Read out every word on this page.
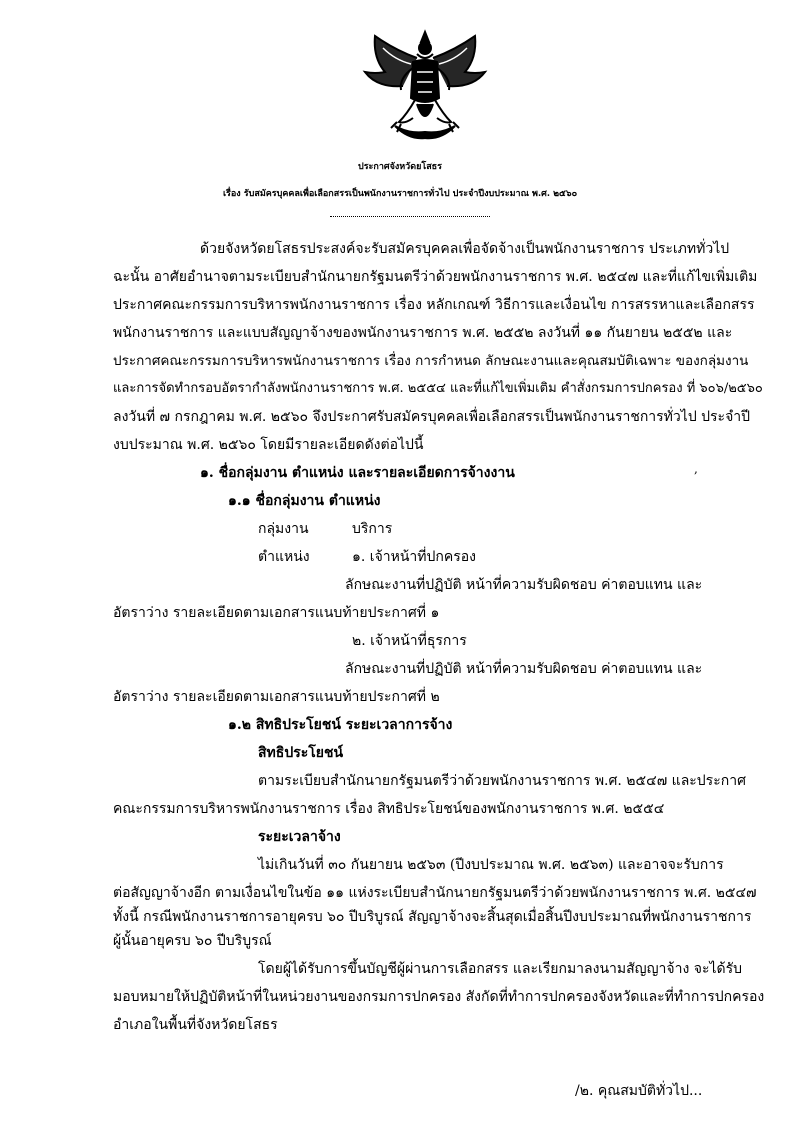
ประกาศจังหวัดยโสธร
เรื่อง รับสมัครบุคคลเพื่อเลือกสรรเป็นพนักงานราชการทั่วไป ประจำปีงบประมาณ พ.ศ. ๒๕๖๐
ด้วยจังหวัดยโสธรประสงค์จะรับสมัครบุคคลเพื่อจัดจ้างเป็นพนักงานราชการ ประเภททั่วไป
ฉะนั้น อาศัยอำนาจตามระเบียบสำนักนายกรัฐมนตรีว่าด้วยพนักงานราชการ พ.ศ. ๒๕๔๗ และที่แก้ไขเพิ่มเติม
ประกาศคณะกรรมการบริหารพนักงานราชการ เรื่อง หลักเกณฑ์ วิธีการและเงื่อนไข การสรรหาและเลือกสรร
พนักงานราชการ และแบบสัญญาจ้างของพนักงานราชการ พ.ศ. ๒๕๕๒ ลงวันที่ ๑๑ กันยายน ๒๕๕๒ และ
ประกาศคณะกรรมการบริหารพนักงานราชการ เรื่อง การกำหนด ลักษณะงานและคุณสมบัติเฉพาะ ของกลุ่มงาน
และการจัดทำกรอบอัตรากำลังพนักงานราชการ พ.ศ. ๒๕๕๔ และที่แก้ไขเพิ่มเติม คำสั่งกรมการปกครอง ที่ ๖๐๖/๒๕๖๐
ลงวันที่ ๗ กรกฎาคม พ.ศ. ๒๕๖๐ จึงประกาศรับสมัครบุคคลเพื่อเลือกสรรเป็นพนักงานราชการทั่วไป ประจำปี
งบประมาณ พ.ศ. ๒๕๖๐ โดยมีรายละเอียดดังต่อไปนี้
,
๑. ชื่อกลุ่มงาน ตำแหน่ง และรายละเอียดการจ้างงาน
๑.๑ ชื่อกลุ่มงาน ตำแหน่ง
กลุ่มงาน	บริการ
ตำแหน่ง	๑. เจ้าหน้าที่ปกครอง
ลักษณะงานที่ปฏิบัติ หน้าที่ความรับผิดชอบ ค่าตอบแทน และ
อัตราว่าง รายละเอียดตามเอกสารแนบท้ายประกาศที่ ๑
๒. เจ้าหน้าที่ธุรการ
ลักษณะงานที่ปฏิบัติ หน้าที่ความรับผิดชอบ ค่าตอบแทน และ
อัตราว่าง รายละเอียดตามเอกสารแนบท้ายประกาศที่ ๒
๑.๒ สิทธิประโยชน์ ระยะเวลาการจ้าง
สิทธิประโยชน์
ตามระเบียบสำนักนายกรัฐมนตรีว่าด้วยพนักงานราชการ พ.ศ. ๒๕๔๗ และประกาศ
คณะกรรมการบริหารพนักงานราชการ เรื่อง สิทธิประโยชน์ของพนักงานราชการ พ.ศ. ๒๕๕๔
ระยะเวลาจ้าง
ไม่เกินวันที่ ๓๐ กันยายน ๒๕๖๓ (ปีงบประมาณ พ.ศ. ๒๕๖๓) และอาจจะรับการ
ต่อสัญญาจ้างอีก ตามเงื่อนไขในข้อ ๑๑ แห่งระเบียบสำนักนายกรัฐมนตรีว่าด้วยพนักงานราชการ พ.ศ. ๒๕๔๗
ทั้งนี้ กรณีพนักงานราชการอายุครบ ๖๐ ปีบริบูรณ์ สัญญาจ้างจะสิ้นสุดเมื่อสิ้นปีงบประมาณที่พนักงานราชการ
ผู้นั้นอายุครบ ๖๐ ปีบริบูรณ์
โดยผู้ได้รับการขึ้นบัญชีผู้ผ่านการเลือกสรร และเรียกมาลงนามสัญญาจ้าง จะได้รับ
มอบหมายให้ปฏิบัติหน้าที่ในหน่วยงานของกรมการปกครอง สังกัดที่ทำการปกครองจังหวัดและที่ทำการปกครอง
อำเภอในพื้นที่จังหวัดยโสธร
/๒. คุณสมบัติทั่วไป...
